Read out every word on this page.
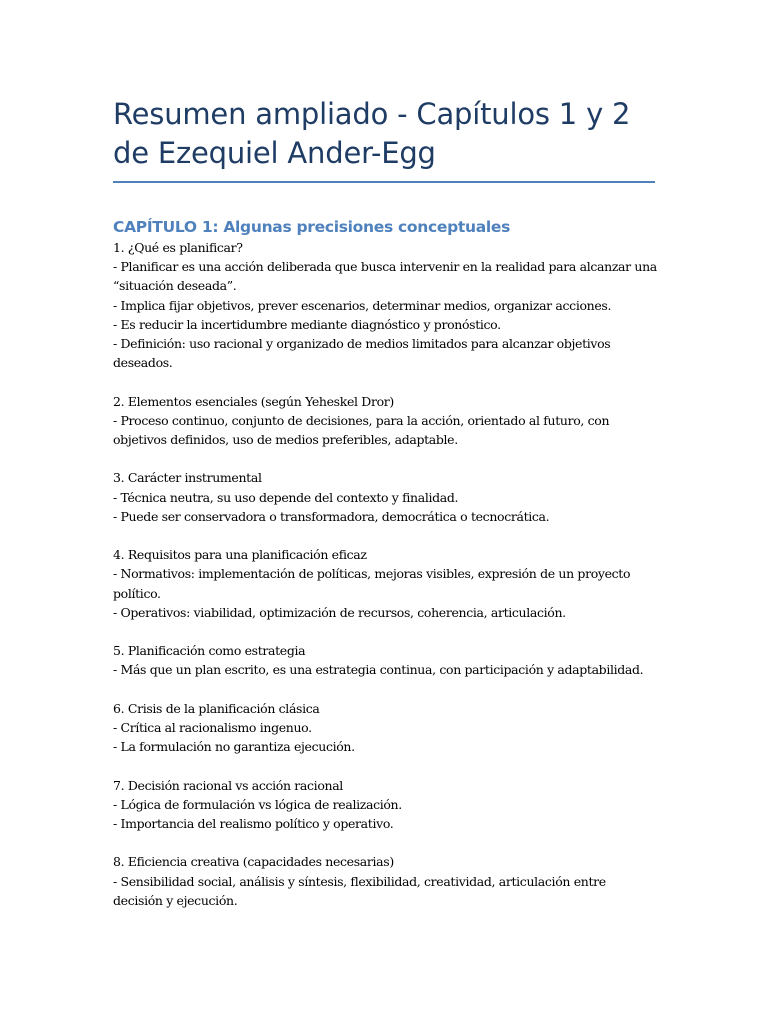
Resumen ampliado - Capítulos 1 y 2 de Ezequiel Ander-Egg
CAPÍTULO 1: Algunas precisiones conceptuales

1. ¿Qué es planificar?

- Planificar es una acción deliberada que busca intervenir en la realidad para alcanzar una “situación deseada”.

- Implica fijar objetivos, prever escenarios, determinar medios, organizar acciones.

- Es reducir la incertidumbre mediante diagnóstico y pronóstico.

- Definición: uso racional y organizado de medios limitados para alcanzar objetivos deseados.

2. Elementos esenciales (según Yeheskel Dror)

- Proceso continuo, conjunto de decisiones, para la acción, orientado al futuro, con objetivos definidos, uso de medios preferibles, adaptable.

3. Carácter instrumental

- Técnica neutra, su uso depende del contexto y finalidad.

- Puede ser conservadora o transformadora, democrática o tecnocrática.

4. Requisitos para una planificación eficaz

- Normativos: implementación de políticas, mejoras visibles, expresión de un proyecto político.

- Operativos: viabilidad, optimización de recursos, coherencia, articulación.

5. Planificación como estrategia

- Más que un plan escrito, es una estrategia continua, con participación y adaptabilidad.

6. Crisis de la planificación clásica

- Crítica al racionalismo ingenuo.

- La formulación no garantiza ejecución.

7. Decisión racional vs acción racional

- Lógica de formulación vs lógica de realización.

- Importancia del realismo político y operativo.

8. Eficiencia creativa (capacidades necesarias)

- Sensibilidad social, análisis y síntesis, flexibilidad, creatividad, articulación entre decisión y ejecución.
